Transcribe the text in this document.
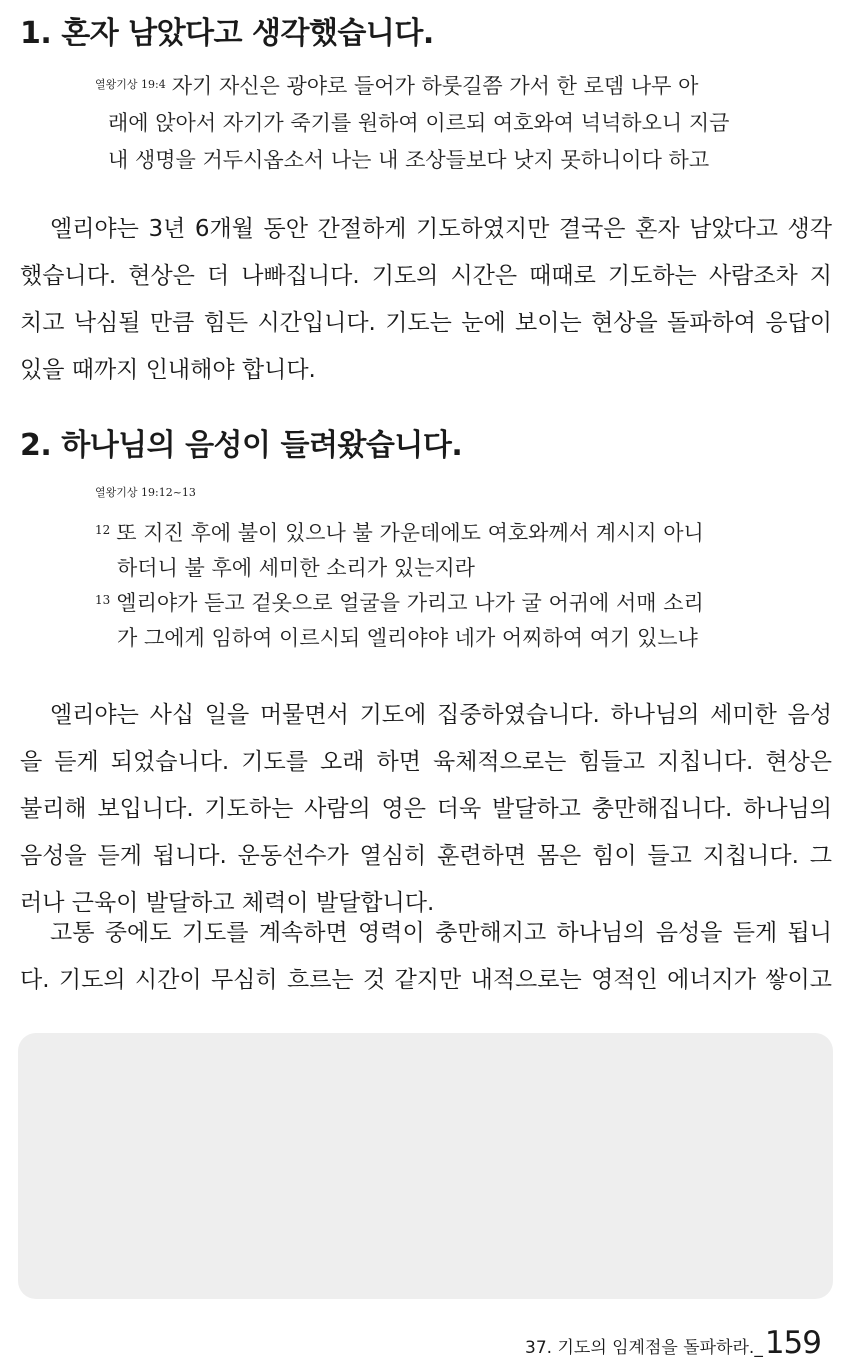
1. 혼자 남았다고 생각했습니다.
$^{열왕기상 19:4}$ 자기 자신은 광야로 들어가 하룻길쯤 가서 한 로뎀 나무 아
래에 앉아서 자기가 죽기를 원하여 이르되 여호와여 넉넉하오니 지금
내 생명을 거두시옵소서 나는 내 조상들보다 낫지 못하니이다 하고
엘리야는 3년 6개월 동안 간절하게 기도하였지만 결국은 혼자 남았다고 생각
했습니다. 현상은 더 나빠집니다. 기도의 시간은 때때로 기도하는 사람조차 지
치고 낙심될 만큼 힘든 시간입니다. 기도는 눈에 보이는 현상을 돌파하여 응답이
있을 때까지 인내해야 합니다.
2. 하나님의 음성이 들려왔습니다.
열왕기상 19:12~13
$^{12}$ 또 지진 후에 불이 있으나 불 가운데에도 여호와께서 계시지 아니
하더니 불 후에 세미한 소리가 있는지라
$^{13}$ 엘리야가 듣고 겉옷으로 얼굴을 가리고 나가 굴 어귀에 서매 소리
가 그에게 임하여 이르시되 엘리야야 네가 어찌하여 여기 있느냐
엘리야는 사십 일을 머물면서 기도에 집중하였습니다. 하나님의 세미한 음성
을 듣게 되었습니다. 기도를 오래 하면 육체적으로는 힘들고 지칩니다. 현상은
불리해 보입니다. 기도하는 사람의 영은 더욱 발달하고 충만해집니다. 하나님의
음성을 듣게 됩니다. 운동선수가 열심히 훈련하면 몸은 힘이 들고 지칩니다. 그
러나 근육이 발달하고 체력이 발달합니다.
고통 중에도 기도를 계속하면 영력이 충만해지고 하나님의 음성을 듣게 됩니
다. 기도의 시간이 무심히 흐르는 것 같지만 내적으로는 영적인 에너지가 쌓이고
37. 기도의 임계점을 돌파하라._159
